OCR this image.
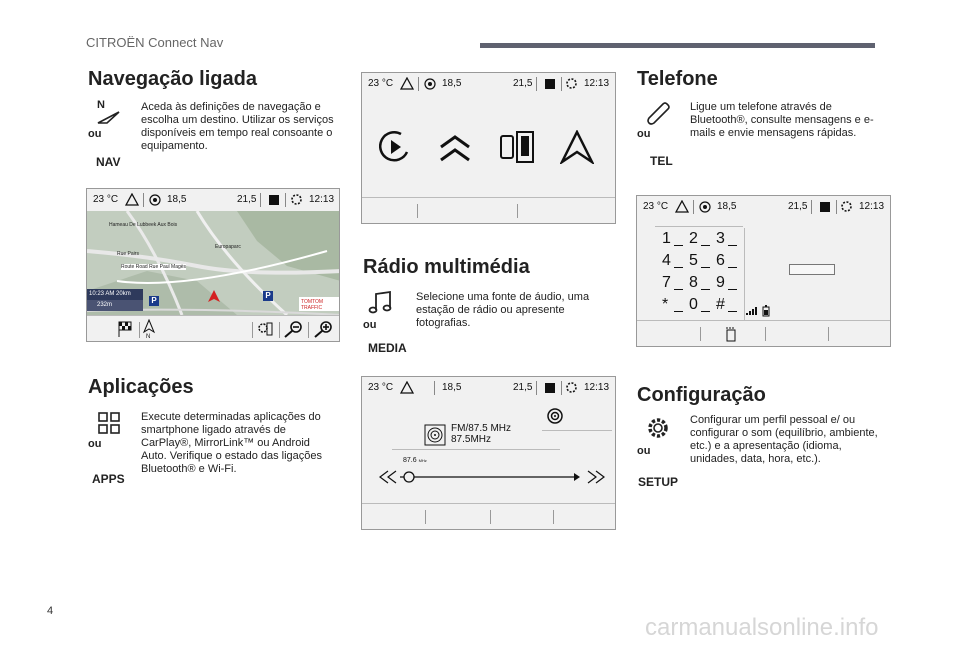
CITROËN Connect Nav
Navegação ligada
N
ou
NAV
Aceda às definições de navegação e escolha um destino. Utilizar os serviços disponíveis em tempo real consoante o equipamento.
23 °C	18,5	21,5	12:13
Hameau De Lubbeek Aux Bois
Europaparc
Rue Pairs
Route Road Rue Paul Magès
10:23 AM 20km
232m	P
P
TOMTOM TRAFFIC
N
Aplicações
ou
APPS
Execute determinadas aplicações do smartphone ligado através de CarPlay®, MirrorLink™ ou Android Auto. Verifique o estado das ligações Bluetooth® e Wi-Fi.
23 °C	18,5	21,5	12:13
Rádio multimédia
ou
MEDIA
Selecione uma fonte de áudio, uma estação de rádio ou apresente fotografias.
23 °C	18,5	21,5	12:13
FM/87.5 MHz
87.5MHz
87.6 MHz
Telefone
ou
TEL
Ligue um telefone através de Bluetooth®, consulte mensagens e e-mails e envie mensagens rápidas.
23 °C	18,5	21,5	12:13
1	2	3
4	5	6
7	8	9
*	0	#
Configuração
ou
SETUP
Configurar um perfil pessoal e/ ou configurar o som (equilíbrio, ambiente, etc.) e a apresentação (idioma, unidades, data, hora, etc.).
4
carmanualsonline.info
